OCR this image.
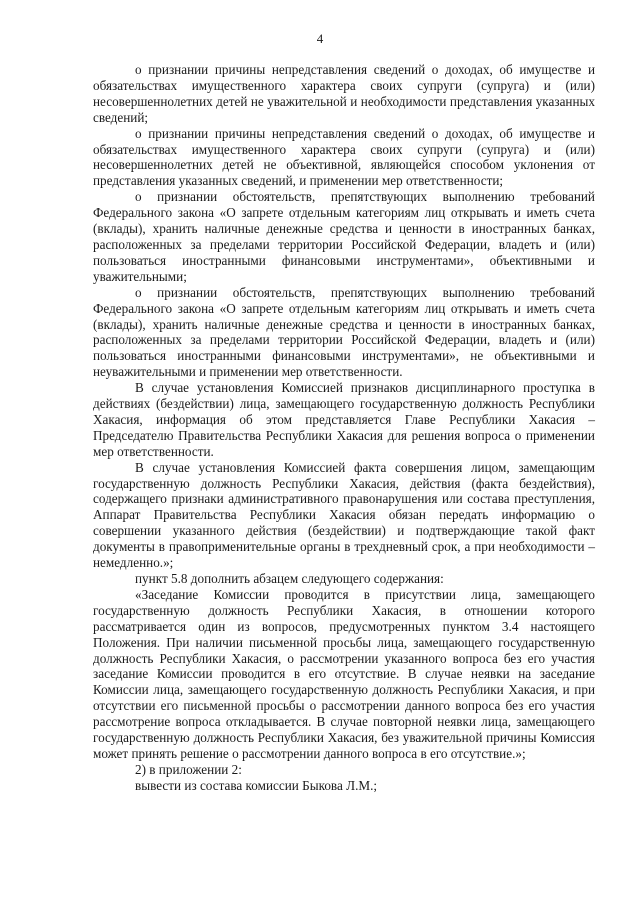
4

о признании причины непредставления сведений о доходах, об имуществе и обязательствах имущественного характера своих супруги (супруга) и (или) несовершеннолетних детей не уважительной и необходимости представления указанных сведений;

о признании причины непредставления сведений о доходах, об имуществе и обязательствах имущественного характера своих супруги (супруга) и (или) несовершеннолетних детей не объективной, являющейся способом уклонения от представления указанных сведений, и применении мер ответственности;

о признании обстоятельств, препятствующих выполнению требований Федерального закона «О запрете отдельным категориям лиц открывать и иметь счета (вклады), хранить наличные денежные средства и ценности в иностранных банках, расположенных за пределами территории Российской Федерации, владеть и (или) пользоваться иностранными финансовыми инструментами», объективными и уважительными;

о признании обстоятельств, препятствующих выполнению требований Федерального закона «О запрете отдельным категориям лиц открывать и иметь счета (вклады), хранить наличные денежные средства и ценности в иностранных банках, расположенных за пределами территории Российской Федерации, владеть и (или) пользоваться иностранными финансовыми инструментами», не объективными и неуважительными и применении мер ответственности.

В случае установления Комиссией признаков дисциплинарного проступка в действиях (бездействии) лица, замещающего государственную должность Республики Хакасия, информация об этом представляется Главе Республики Хакасия – Председателю Правительства Республики Хакасия для решения вопроса о применении мер ответственности.

В случае установления Комиссией факта совершения лицом, замещающим государственную должность Республики Хакасия, действия (факта бездействия), содержащего признаки административного правонарушения или состава преступления, Аппарат Правительства Республики Хакасия обязан передать информацию о совершении указанного действия (бездействии) и подтверждающие такой факт документы в правоприменительные органы в трехдневный срок, а при необходимости – немедленно.»;

пункт 5.8 дополнить абзацем следующего содержания:

«Заседание Комиссии проводится в присутствии лица, замещающего государственную должность Республики Хакасия, в отношении которого рассматривается один из вопросов, предусмотренных пунктом 3.4 настоящего Положения. При наличии письменной просьбы лица, замещающего государственную должность Республики Хакасия, о рассмотрении указанного вопроса без его участия заседание Комиссии проводится в его отсутствие. В случае неявки на заседание Комиссии лица, замещающего государственную должность Республики Хакасия, и при отсутствии его письменной просьбы о рассмотрении данного вопроса без его участия рассмотрение вопроса откладывается. В случае повторной неявки лица, замещающего государственную должность Республики Хакасия, без уважительной причины Комиссия может принять решение о рассмотрении данного вопроса в его отсутствие.»;

2) в приложении 2:

вывести из состава комиссии Быкова Л.М.;
